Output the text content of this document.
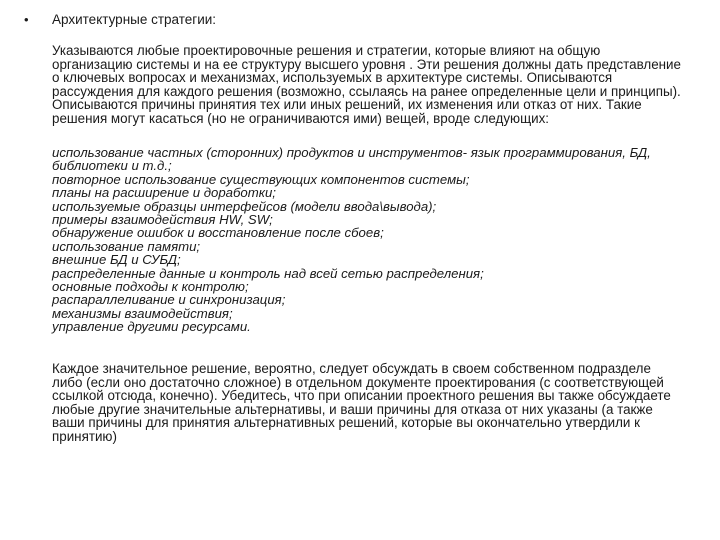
• Архитектурные стратегии:

Указываются любые проектировочные решения и стратегии, которые влияют на общую
организацию системы и на ее структуру высшего уровня . Эти решения должны дать представление
о ключевых вопросах и механизмах, используемых в архитектуре системы. Описываются
рассуждения для каждого решения (возможно, ссылаясь на ранее определенные цели и принципы).
Описываются причины принятия тех или иных решений, их изменения или отказ от них. Такие
решения могут касаться (но не ограничиваются ими) вещей, вроде следующих:

использование частных (сторонних) продуктов и инструментов- язык программирования, БД,
библиотеки и т.д.;
повторное использование существующих компонентов системы;
планы на расширение и доработки;
используемые образцы интерфейсов (модели ввода\вывода);
примеры взаимодействия HW, SW;
обнаружение ошибок и восстановление после сбоев;
использование памяти;
внешние БД и СУБД;
распределенные данные и контроль над всей сетью распределения;
основные подходы к контролю;
распараллеливание и синхронизация;
механизмы взаимодействия;
управление другими ресурсами.

Каждое значительное решение, вероятно, следует обсуждать в своем собственном подразделе
либо (если оно достаточно сложное) в отдельном документе проектирования (с соответствующей
ссылкой отсюда, конечно). Убедитесь, что при описании проектного решения вы также обсуждаете
любые другие значительные альтернативы, и ваши причины для отказа от них указаны (а также
ваши причины для принятия альтернативных решений, которые вы окончательно утвердили к
принятию)
